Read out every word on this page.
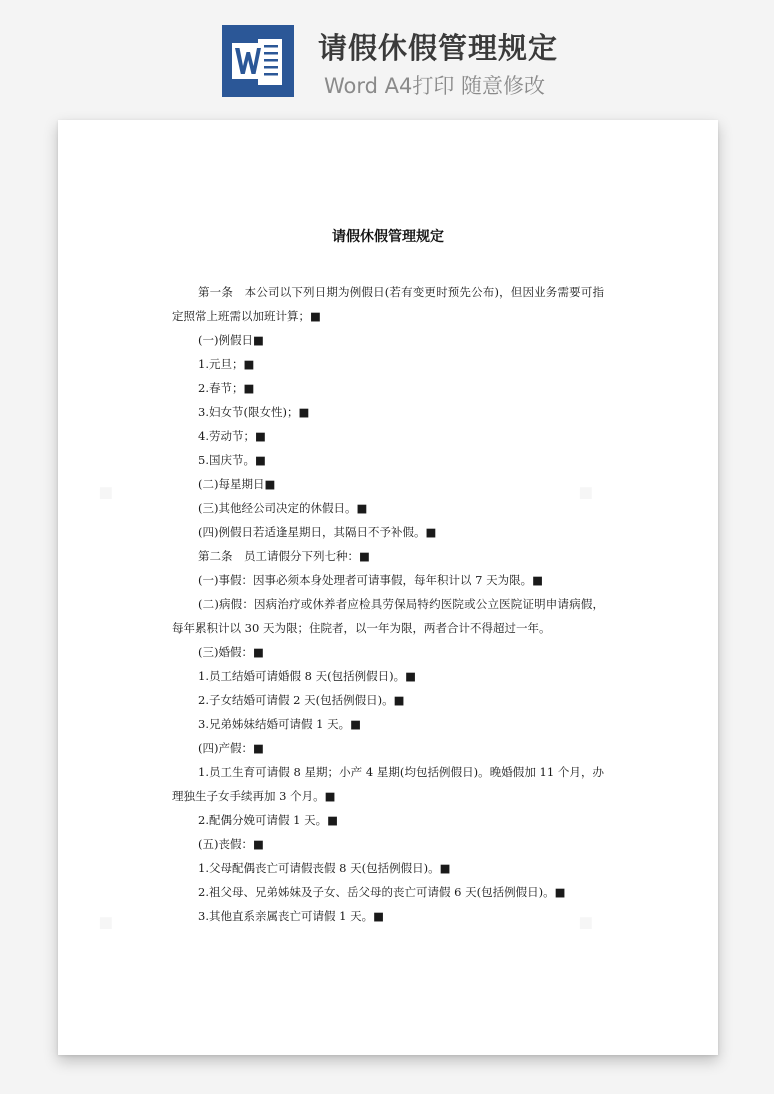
请假休假管理规定
Word A4打印 随意修改
请假休假管理规定

第一条　本公司以下列日期为例假日(若有变更时预先公布)，但因业务需要可指定照常上班需以加班计算；■

(一)例假日■

1.元旦；■

2.春节；■

3.妇女节(限女性)；■

4.劳动节；■

5.国庆节。■

(二)每星期日■

(三)其他经公司决定的休假日。■

(四)例假日若适逢星期日，其隔日不予补假。■

第二条　员工请假分下列七种：■

(一)事假：因事必须本身处理者可请事假，每年积计以 7 天为限。■

(二)病假：因病治疗或休养者应检具劳保局特约医院或公立医院证明申请病假，每年累积计以 30 天为限；住院者，以一年为限，两者合计不得超过一年。

(三)婚假：■

1.员工结婚可请婚假 8 天(包括例假日)。■

2.子女结婚可请假 2 天(包括例假日)。■

3.兄弟姊妹结婚可请假 1 天。■

(四)产假：■

1.员工生育可请假 8 星期；小产 4 星期(均包括例假日)。晚婚假加 11 个月，办理独生子女手续再加 3 个月。■

2.配偶分娩可请假 1 天。■

(五)丧假：■

1.父母配偶丧亡可请假丧假 8 天(包括例假日)。■

2.祖父母、兄弟姊妹及子女、岳父母的丧亡可请假 6 天(包括例假日)。■

3.其他直系亲属丧亡可请假 1 天。■
